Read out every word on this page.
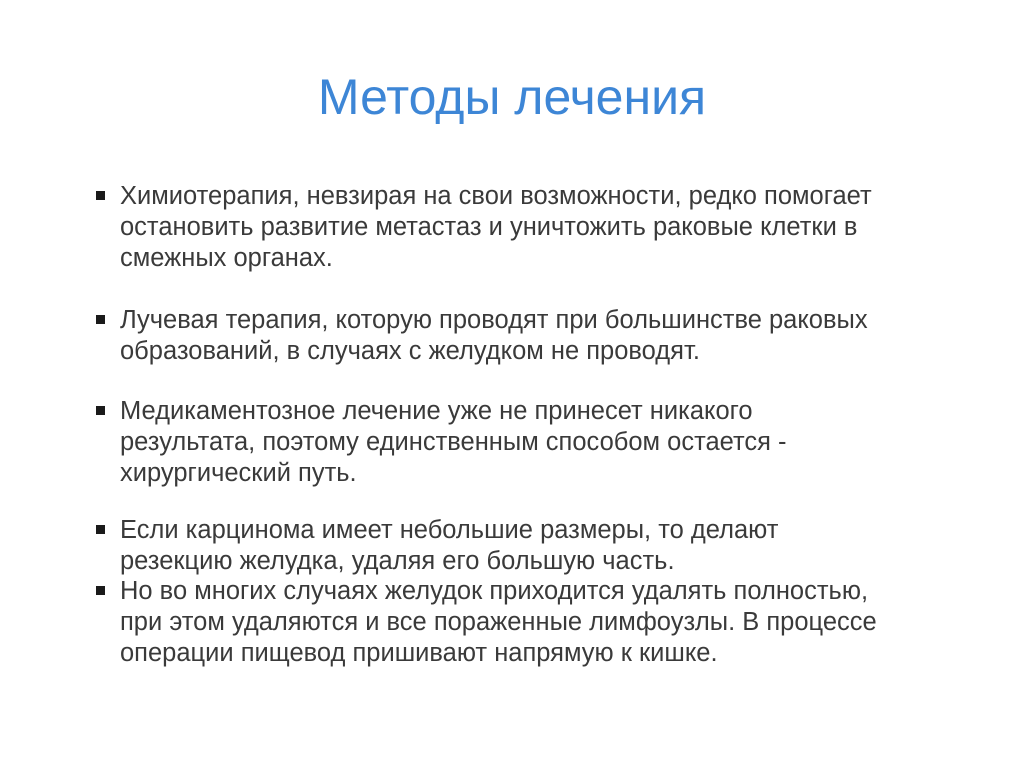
Методы лечения

Химиотерапия, невзирая на свои возможности, редко помогает
остановить развитие метастаз и уничтожить раковые клетки в
смежных органах.

Лучевая терапия, которую проводят при большинстве раковых
образований, в случаях с желудком не проводят.

Медикаментозное лечение уже не принесет никакого
результата, поэтому единственным способом остается -
хирургический путь.

Если карцинома имеет небольшие размеры, то делают
резекцию желудка, удаляя его большую часть.

Но во многих случаях желудок приходится удалять полностью,
при этом удаляются и все пораженные лимфоузлы. В процессе
операции пищевод пришивают напрямую к кишке.
